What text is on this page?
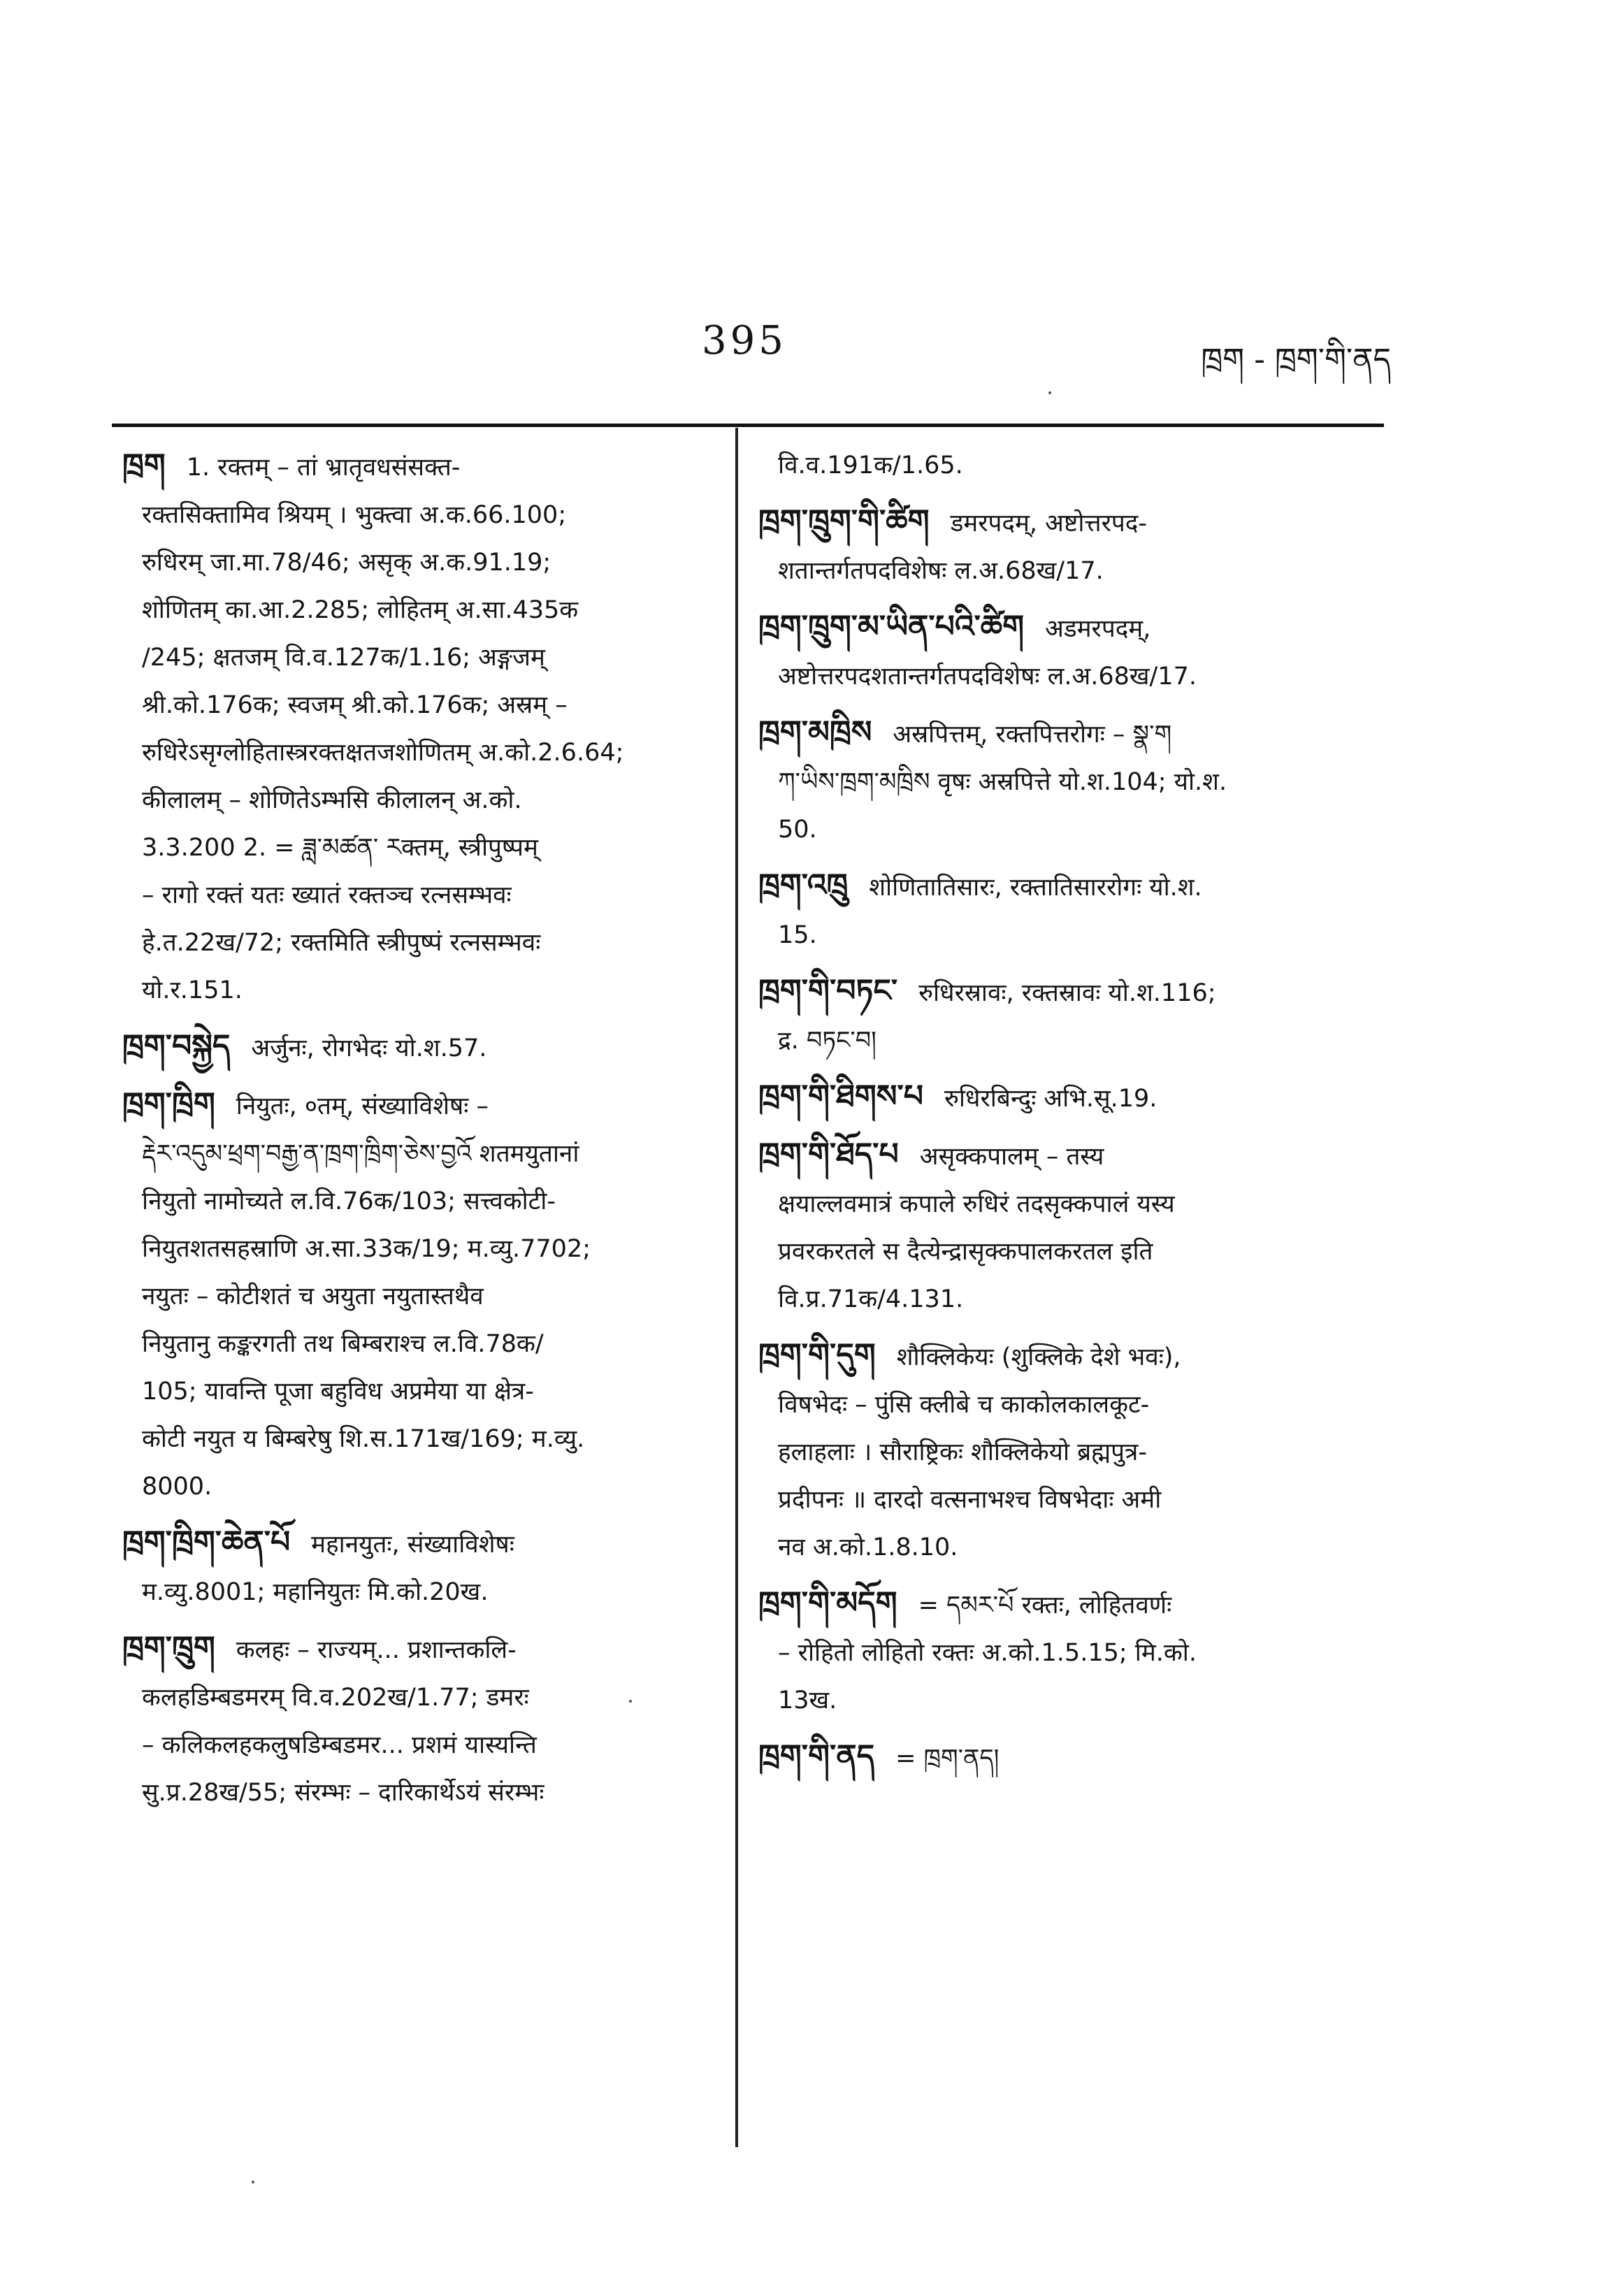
395	ཁྲག - ཁྲག་གི་ནད

ཁྲག 1. रक्तम् – तां भ्रातृवधसंसक्त-

रक्तसिक्तामिव श्रियम् । भुक्त्वा अ.क.66.100;

रुधिरम् जा.मा.78/46; असृक् अ.क.91.19;

शोणितम् का.आ.2.285; लोहितम् अ.सा.435क

/245; क्षतजम् वि.व.127क/1.16; अङ्गजम्

श्री.को.176क; स्वजम् श्री.को.176क; अस्रम् –

रुधिरेऽसृग्लोहितास्त्ररक्तक्षतजशोणितम् अ.को.2.6.64;

कीलालम् – शोणितेऽम्भसि कीलालन् अ.को.

3.3.200 2. = ཟླ་མཚན་ རक्तम्, स्त्रीपुष्पम्

– रागो रक्तं यतः ख्यातं रक्तञ्च रत्नसम्भवः

हे.त.22ख/72; रक्तमिति स्त्रीपुष्पं रत्नसम्भवः

यो.र.151.

ཁྲག་བསྐྱེད अर्जुनः, रोगभेदः यो.श.57.

ཁྲག་ཁྲིག नियुतः, ०तम्, संख्याविशेषः –

རྡེར་འདུམ་ཕྲག་བརྒྱ་ན་ཁྲག་ཁྲིག་ཅེས་བྱའོ शतमयुतानां

नियुतो नामोच्यते ल.वि.76क/103; सत्त्वकोटी-

नियुतशतसहस्राणि अ.सा.33क/19; म.व्यु.7702;

नयुतः – कोटीशतं च अयुता नयुतास्तथैव

नियुतानु कङ्करगती तथ बिम्बराश्च ल.वि.78क/

105; यावन्ति पूजा बहुविध अप्रमेया या क्षेत्र-

कोटी नयुत य बिम्बरेषु शि.स.171ख/169; म.व्यु.

8000.

ཁྲག་ཁྲིག་ཆེན་པོ महानयुतः, संख्याविशेषः

म.व्यु.8001; महानियुतः मि.को.20ख.

ཁྲག་ཁྲུག कलहः – राज्यम्... प्रशान्तकलि-

कलहडिम्बडमरम् वि.व.202ख/1.77; डमरः

– कलिकलहकलुषडिम्बडमर... प्रशमं यास्यन्ति

सु.प्र.28ख/55; संरम्भः – दारिकार्थेऽयं संरम्भः

वि.व.191क/1.65.

ཁྲག་ཁྲུག་གི་ཚིག डमरपदम्, अष्टोत्तरपद-

शतान्तर्गतपदविशेषः ल.अ.68ख/17.

ཁྲག་ཁྲུག་མ་ཡིན་པའི་ཚིག अडमरपदम्,

अष्टोत्तरपदशतान्तर्गतपदविशेषः ल.अ.68ख/17.

ཁྲག་མཁྲིས अस्रपित्तम्, रक्तपित्तरोगः – སྣ་ག

ཀ་ཡིས་ཁྲག་མཁྲིས वृषः अस्रपित्ते यो.श.104; यो.श.

50.

ཁྲག་འཁྲུ शोणितातिसारः, रक्तातिसाररोगः यो.श.

15.

ཁྲག་གི་བཏང་ रुधिरस्रावः, रक्तस्रावः यो.श.116;

द्र. བཏང་བ།

ཁྲག་གི་ཐིགས་པ रुधिरबिन्दुः अभि.सू.19.

ཁྲག་གི་ཐོད་པ असृक्कपालम् – तस्य

क्षयाल्लवमात्रं कपाले रुधिरं तदसृक्कपालं यस्य

प्रवरकरतले स दैत्येन्द्रासृक्कपालकरतल इति

वि.प्र.71क/4.131.

ཁྲག་གི་དུག शौक्लिकेयः (शुक्लिके देशे भवः),

विषभेदः – पुंसि क्लीबे च काकोलकालकूट-

हलाहलाः । सौराष्ट्रिकः शौक्लिकेयो ब्रह्मपुत्र-

प्रदीपनः ॥ दारदो वत्सनाभश्च विषभेदाः अमी

नव अ.को.1.8.10.

ཁྲག་གི་མདོག = དམར་པོ रक्तः, लोहितवर्णः

– रोहितो लोहितो रक्तः अ.को.1.5.15; मि.को.

13ख.

ཁྲག་གི་ནད = ཁྲག་ནད།
